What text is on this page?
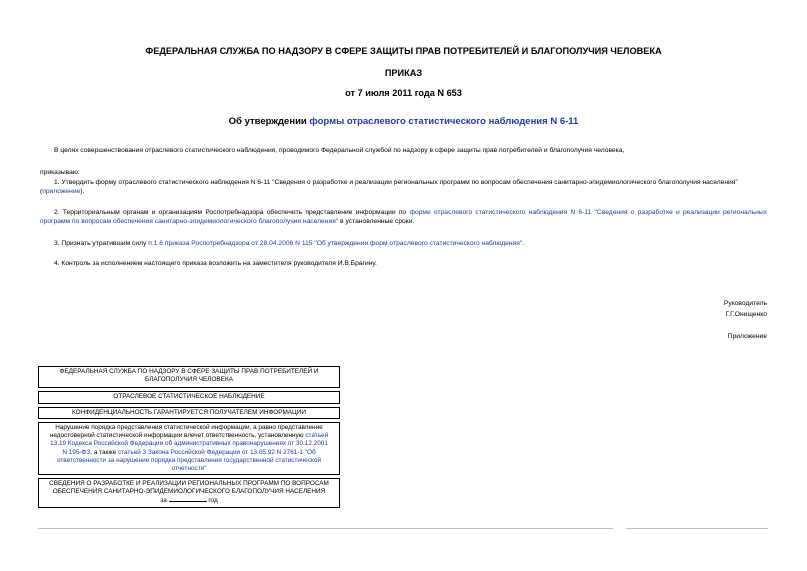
ФЕДЕРАЛЬНАЯ СЛУЖБА ПО НАДЗОРУ В СФЕРЕ ЗАЩИТЫ ПРАВ ПОТРЕБИТЕЛЕЙ И БЛАГОПОЛУЧИЯ ЧЕЛОВЕКА
ПРИКАЗ
от 7 июля 2011 года N 653
Об утверждении формы отраслевого статистического наблюдения N 6-11
В целях совершенствования отраслевого статистического наблюдения, проводимого Федеральной службой по надзору в сфере защиты прав потребителей и благополучия человека,
приказываю:
1. Утвердить форму отраслевого статистического наблюдения N 6-11 "Сведения о разработке и реализации региональных программ по вопросам обеспечения санитарно-эпидемиологического благополучия населения" (приложение).
2. Территориальным органам и организациям Роспотребнадзора обеспечить представление информации по форме отраслевого статистического наблюдения N 6-11 "Сведения о разработке и реализации региональных программ по вопросам обеспечения санитарно-эпидемиологического благополучия населения" в установленные сроки.
3. Признать утратившим силу п.1.6 приказа Роспотребнадзора от 28.04.2006 N 115 "Об утверждении форм отраслевого статистического наблюдения".
4. Контроль за исполнением настоящего приказа возложить на заместителя руководителя И.В.Брагину.
Руководитель
Г.Г.Онищенко
Приложение
ФЕДЕРАЛЬНАЯ СЛУЖБА ПО НАДЗОРУ В СФЕРЕ ЗАЩИТЫ ПРАВ ПОТРЕБИТЕЛЕЙ И БЛАГОПОЛУЧИЯ ЧЕЛОВЕКА
ОТРАСЛЕВОЕ СТАТИСТИЧЕСКОЕ НАБЛЮДЕНИЕ
КОНФИДЕНЦИАЛЬНОСТЬ ГАРАНТИРУЕТСЯ ПОЛУЧАТЕЛЕМ ИНФОРМАЦИИ
Нарушение порядка представления статистической информации, а равно представление недостоверной статистической информации влечет ответственность, установленную статьей 13.19 Кодекса Российской Федерации об административных правонарушениях от 30.12.2001 N 195-ФЗ, а также статьей 3 Закона Российской Федерации от 13.05.92 N 2761-1 "Об ответственности за нарушение порядка представления государственной статистической отчетности"
СВЕДЕНИЯ О РАЗРАБОТКЕ И РЕАЛИЗАЦИИ РЕГИОНАЛЬНЫХ ПРОГРАММ ПО ВОПРОСАМ ОБЕСПЕЧЕНИЯ САНИТАРНО-ЭПИДЕМИОЛОГИЧЕСКОГО БЛАГОПОЛУЧИЯ НАСЕЛЕНИЯ
за	год
